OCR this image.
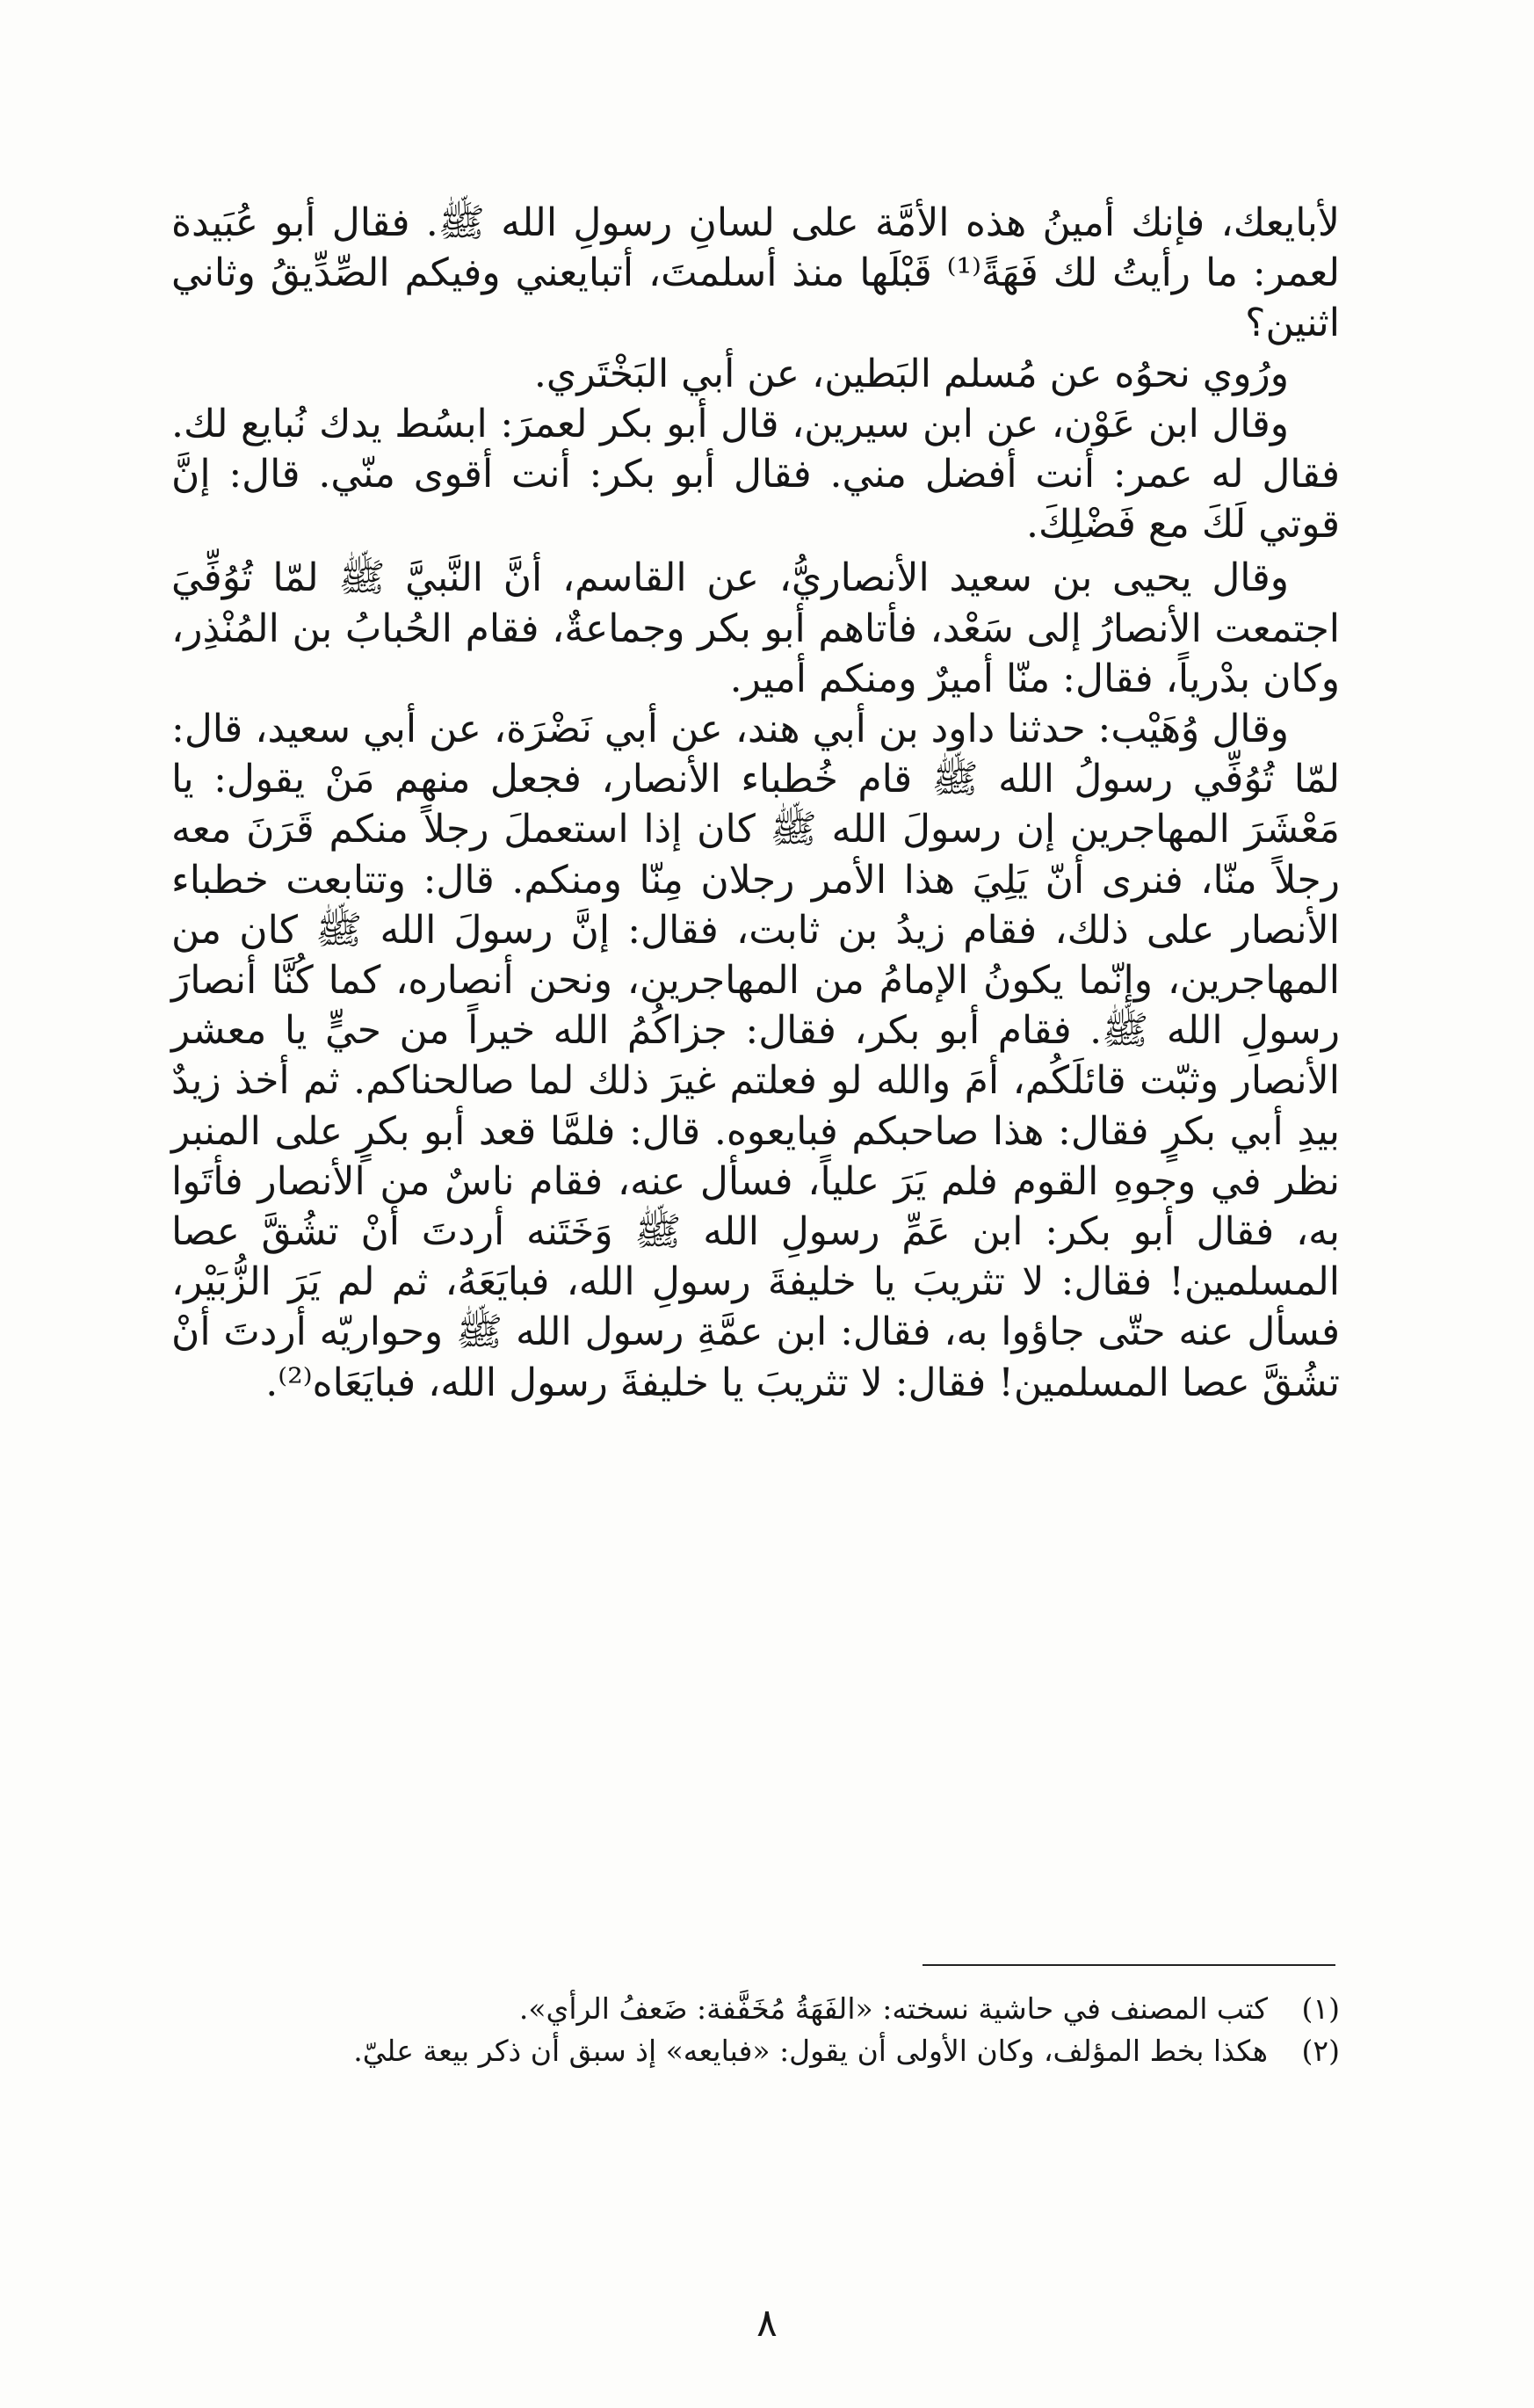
لأبايعك، فإنك أمينُ هذه الأمَّة على لسانِ رسولِ الله ﷺ. فقال أبو عُبَيدة لعمر: ما رأيتُ لك فَهَةً⁽¹⁾ قَبْلَها منذ أسلمتَ، أتبايعني وفيكم الصِّدِّيقُ وثاني اثنين؟

ورُوي نحوُه عن مُسلم البَطين، عن أبي البَخْتَري.

وقال ابن عَوْن، عن ابن سيرين، قال أبو بكر لعمرَ: ابسُط يدك نُبايع لك. فقال له عمر: أنت أفضل مني. فقال أبو بكر: أنت أقوى منّي. قال: إنَّ قوتي لَكَ مع فَضْلِكَ.

وقال يحيى بن سعيد الأنصاريُّ، عن القاسم، أنَّ النَّبيَّ ﷺ لمّا تُوُفِّيَ اجتمعت الأنصارُ إلى سَعْد، فأتاهم أبو بكر وجماعةٌ، فقام الحُبابُ بن المُنْذِر، وكان بدْرياً، فقال: منّا أميرٌ ومنكم أمير.

وقال وُهَيْب: حدثنا داود بن أبي هند، عن أبي نَضْرَة، عن أبي سعيد، قال: لمّا تُوُفِّي رسولُ الله ﷺ قام خُطباء الأنصار، فجعل منهم مَنْ يقول: يا مَعْشَرَ المهاجرين إن رسولَ الله ﷺ كان إذا استعملَ رجلاً منكم قَرَنَ معه رجلاً منّا، فنرى أنّ يَلِيَ هذا الأمر رجلان مِنّا ومنكم. قال: وتتابعت خطباء الأنصار على ذلك، فقام زيدُ بن ثابت، فقال: إنَّ رسولَ الله ﷺ كان من المهاجرين، وإنّما يكونُ الإمامُ من المهاجرين، ونحن أنصاره، كما كُنَّا أنصارَ رسولِ الله ﷺ. فقام أبو بكر، فقال: جزاكُمُ الله خيراً من حيٍّ يا معشر الأنصار وثبّت قائلَكُم، أمَ والله لو فعلتم غيرَ ذلك لما صالحناكم. ثم أخذ زيدٌ بيدِ أبي بكرٍ فقال: هذا صاحبكم فبايعوه. قال: فلمَّا قعد أبو بكرٍ على المنبر نظر في وجوهِ القوم فلم يَرَ علياً، فسأل عنه، فقام ناسٌ من الأنصار فأتَوا به، فقال أبو بكر: ابن عَمِّ رسولِ الله ﷺ وَخَتَنه أردتَ أنْ تشُقَّ عصا المسلمين! فقال: لا تثريبَ يا خليفةَ رسولِ الله، فبايَعَهُ، ثم لم يَرَ الزُّبَيْر، فسأل عنه حتّى جاؤوا به، فقال: ابن عمَّةِ رسول الله ﷺ وحواريّه أردتَ أنْ تشُقَّ عصا المسلمين! فقال: لا تثريبَ يا خليفةَ رسول الله، فبايَعَاه⁽²⁾.

(١)
كتب المصنف في حاشية نسخته: «الفَهَةُ مُخَفَّفة: ضَعفُ الرأي».
(٢)
هكذا بخط المؤلف، وكان الأولى أن يقول: «فبايعه» إذ سبق أن ذكر بيعة عليّ.
٨
